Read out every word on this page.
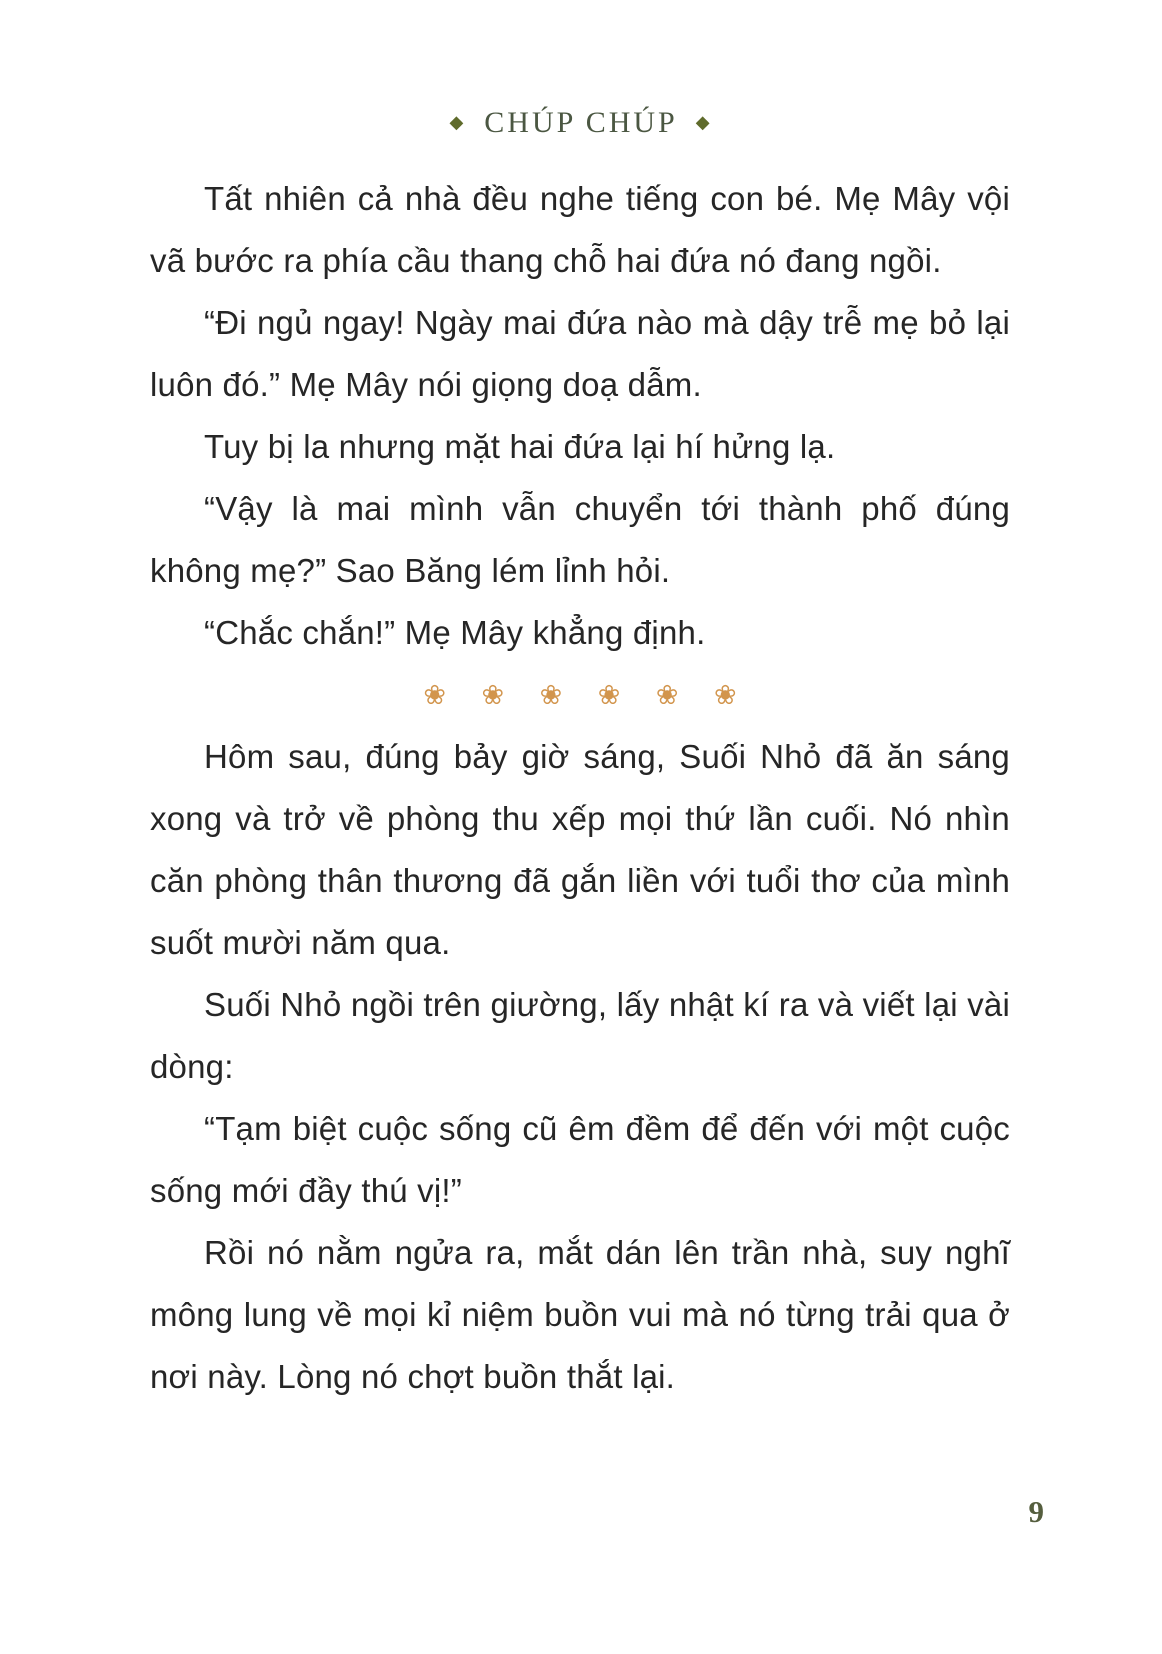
◆ CHÚP CHÚP ◆

Tất nhiên cả nhà đều nghe tiếng con bé. Mẹ Mây vội vã bước ra phía cầu thang chỗ hai đứa nó đang ngồi.

“Đi ngủ ngay! Ngày mai đứa nào mà dậy trễ mẹ bỏ lại luôn đó.” Mẹ Mây nói giọng doạ dẫm.

Tuy bị la nhưng mặt hai đứa lại hí hửng lạ.

“Vậy là mai mình vẫn chuyển tới thành phố đúng không mẹ?” Sao Băng lém lỉnh hỏi.

“Chắc chắn!” Mẹ Mây khẳng định.

❀ ❀ ❀ ❀ ❀ ❀

Hôm sau, đúng bảy giờ sáng, Suối Nhỏ đã ăn sáng xong và trở về phòng thu xếp mọi thứ lần cuối. Nó nhìn căn phòng thân thương đã gắn liền với tuổi thơ của mình suốt mười năm qua.

Suối Nhỏ ngồi trên giường, lấy nhật kí ra và viết lại vài dòng:

“Tạm biệt cuộc sống cũ êm đềm để đến với một cuộc sống mới đầy thú vị!”

Rồi nó nằm ngửa ra, mắt dán lên trần nhà, suy nghĩ mông lung về mọi kỉ niệm buồn vui mà nó từng trải qua ở nơi này. Lòng nó chợt buồn thắt lại.

9
